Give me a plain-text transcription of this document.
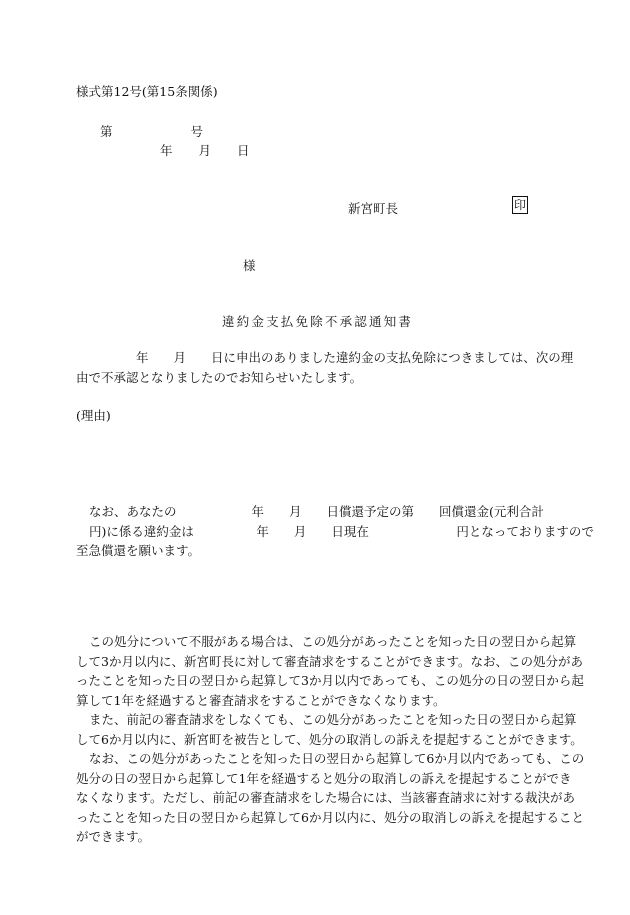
様式第12号(第15条関係)
第	号
年 月 日
新宮町長	印
様
違約金支払免除不承認通知書
年　　月　　日に申出のありました違約金の支払免除につきましては、次の理
由で不承認となりましたのでお知らせいたします。
(理由)
なお、あなたの　　　　　　年　　月　　日償還予定の第　　回償還金(元利合計
円)に係る違約金は　　　　　年　　月　　日現在　　　　　　　円となっておりますので
至急償還を願います。

この処分について不服がある場合は、この処分があったことを知った日の翌日から起算
して3か月以内に、新宮町長に対して審査請求をすることができます。なお、この処分があ
ったことを知った日の翌日から起算して3か月以内であっても、この処分の日の翌日から起
算して1年を経過すると審査請求をすることができなくなります。

また、前記の審査請求をしなくても、この処分があったことを知った日の翌日から起算
して6か月以内に、新宮町を被告として、処分の取消しの訴えを提起することができます。

なお、この処分があったことを知った日の翌日から起算して6か月以内であっても、この
処分の日の翌日から起算して1年を経過すると処分の取消しの訴えを提起することができ
なくなります。ただし、前記の審査請求をした場合には、当該審査請求に対する裁決があ
ったことを知った日の翌日から起算して6か月以内に、処分の取消しの訴えを提起すること
ができます。
